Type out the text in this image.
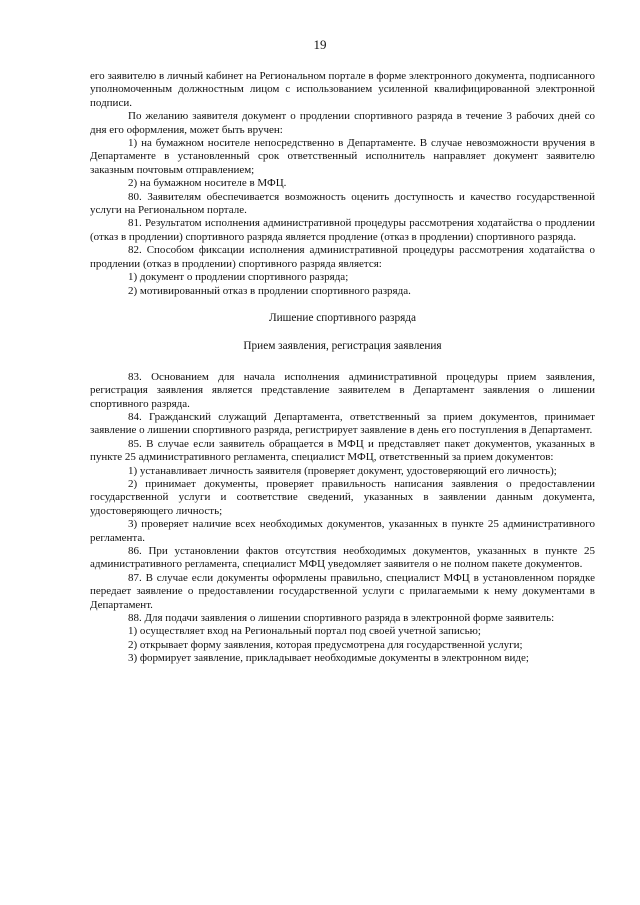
19

его заявителю в личный кабинет на Региональном портале в форме электронного документа, подписанного уполномоченным должностным лицом с использованием усиленной квалифицированной электронной подписи.

По желанию заявителя документ о продлении спортивного разряда в течение 3 рабочих дней со дня его оформления, может быть вручен:

1) на бумажном носителе непосредственно в Департаменте. В случае невозможности вручения в Департаменте в установленный срок ответственный исполнитель направляет документ заявителю заказным почтовым отправлением;

2) на бумажном носителе в МФЦ.

80. Заявителям обеспечивается возможность оценить доступность и качество государственной услуги на Региональном портале.

81. Результатом исполнения административной процедуры рассмотрения ходатайства о продлении (отказ в продлении) спортивного разряда является продление (отказ в продлении) спортивного разряда.

82. Способом фиксации исполнения административной процедуры рассмотрения ходатайства о продлении (отказ в продлении) спортивного разряда является:

1) документ о продлении спортивного разряда;

2) мотивированный отказ в продлении спортивного разряда.

Лишение спортивного разряда

Прием заявления, регистрация заявления

83. Основанием для начала исполнения административной процедуры прием заявления, регистрация заявления является представление заявителем в Департамент заявления о лишении спортивного разряда.

84. Гражданский служащий Департамента, ответственный за прием документов, принимает заявление о лишении спортивного разряда, регистрирует заявление в день его поступления в Департамент.

85. В случае если заявитель обращается в МФЦ и представляет пакет документов, указанных в пункте 25 административного регламента, специалист МФЦ, ответственный за прием документов:

1) устанавливает личность заявителя (проверяет документ, удостоверяющий его личность);

2) принимает документы, проверяет правильность написания заявления о предоставлении государственной услуги и соответствие сведений, указанных в заявлении данным документа, удостоверяющего личность;

3) проверяет наличие всех необходимых документов, указанных в пункте 25 административного регламента.

86. При установлении фактов отсутствия необходимых документов, указанных в пункте 25 административного регламента, специалист МФЦ уведомляет заявителя о не полном пакете документов.

87. В случае если документы оформлены правильно, специалист МФЦ в установленном порядке передает заявление о предоставлении государственной услуги с прилагаемыми к нему документами в Департамент.

88. Для подачи заявления о лишении спортивного разряда в электронной форме заявитель:

1) осуществляет вход на Региональный портал под своей учетной записью;

2) открывает форму заявления, которая предусмотрена для государственной услуги;

3) формирует заявление, прикладывает необходимые документы в электронном виде;
